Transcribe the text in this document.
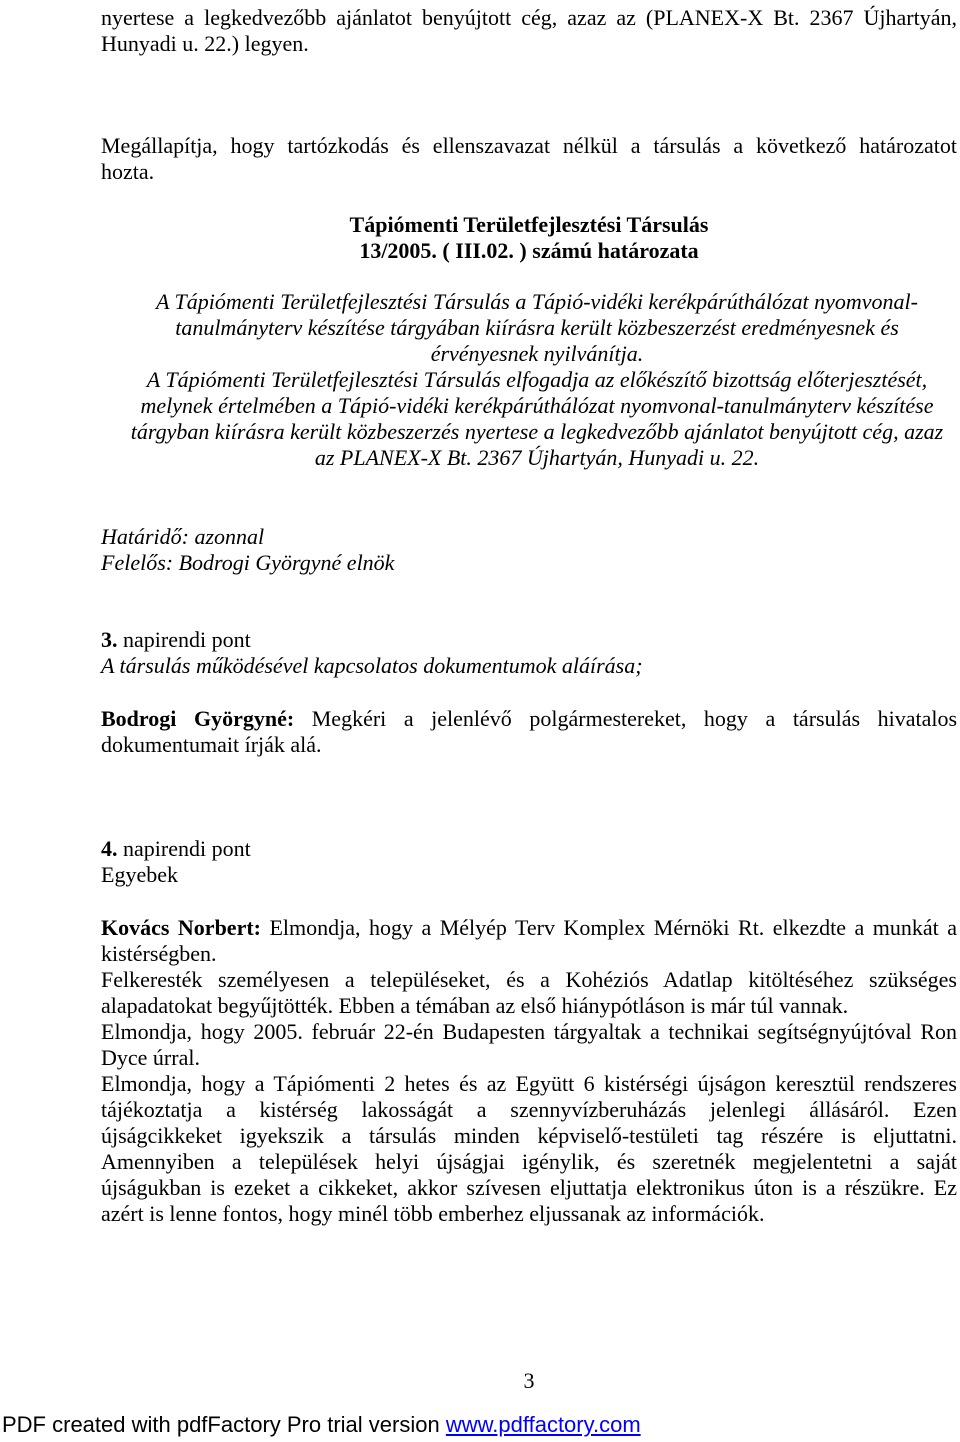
nyertese a legkedvezőbb ajánlatot benyújtott cég, azaz az (PLANEX-X Bt. 2367 Újhartyán,
Hunyadi u. 22.) legyen.
Megállapítja, hogy tartózkodás és ellenszavazat nélkül a társulás a következő határozatot
hozta.
Tápiómenti Területfejlesztési Társulás
13/2005. ( III.02. ) számú határozata
A Tápiómenti Területfejlesztési Társulás a Tápió-vidéki kerékpárúthálózat nyomvonal-
tanulmányterv készítése tárgyában kiírásra került közbeszerzést eredményesnek és
érvényesnek nyilvánítja.
A Tápiómenti Területfejlesztési Társulás elfogadja az előkészítő bizottság előterjesztését,
melynek értelmében a Tápió-vidéki kerékpárúthálózat nyomvonal-tanulmányterv készítése
tárgyban kiírásra került közbeszerzés nyertese a legkedvezőbb ajánlatot benyújtott cég, azaz
az PLANEX-X Bt. 2367 Újhartyán, Hunyadi u. 22.
Határidő: azonnal
Felelős: Bodrogi Györgyné elnök
3. napirendi pont
A társulás működésével kapcsolatos dokumentumok aláírása;
Bodrogi Györgyné: Megkéri a jelenlévő polgármestereket, hogy a társulás hivatalos
dokumentumait írják alá.
4. napirendi pont
Egyebek
Kovács Norbert: Elmondja, hogy a Mélyép Terv Komplex Mérnöki Rt. elkezdte a munkát a
kistérségben.
Felkeresték személyesen a településeket, és a Kohéziós Adatlap kitöltéséhez szükséges
alapadatokat begyűjtötték. Ebben a témában az első hiánypótláson is már túl vannak.
Elmondja, hogy 2005. február 22-én Budapesten tárgyaltak a technikai segítségnyújtóval Ron
Dyce úrral.
Elmondja, hogy a Tápiómenti 2 hetes és az Együtt 6 kistérségi újságon keresztül rendszeres
tájékoztatja a kistérség lakosságát a szennyvízberuházás jelenlegi állásáról. Ezen
újságcikkeket igyekszik a társulás minden képviselő-testületi tag részére is eljuttatni.
Amennyiben a települések helyi újságjai igénylik, és szeretnék megjelentetni a saját
újságukban is ezeket a cikkeket, akkor szívesen eljuttatja elektronikus úton is a részükre. Ez
azért is lenne fontos, hogy minél több emberhez eljussanak az információk.
3
PDF created with pdfFactory Pro trial version www.pdffactory.com
